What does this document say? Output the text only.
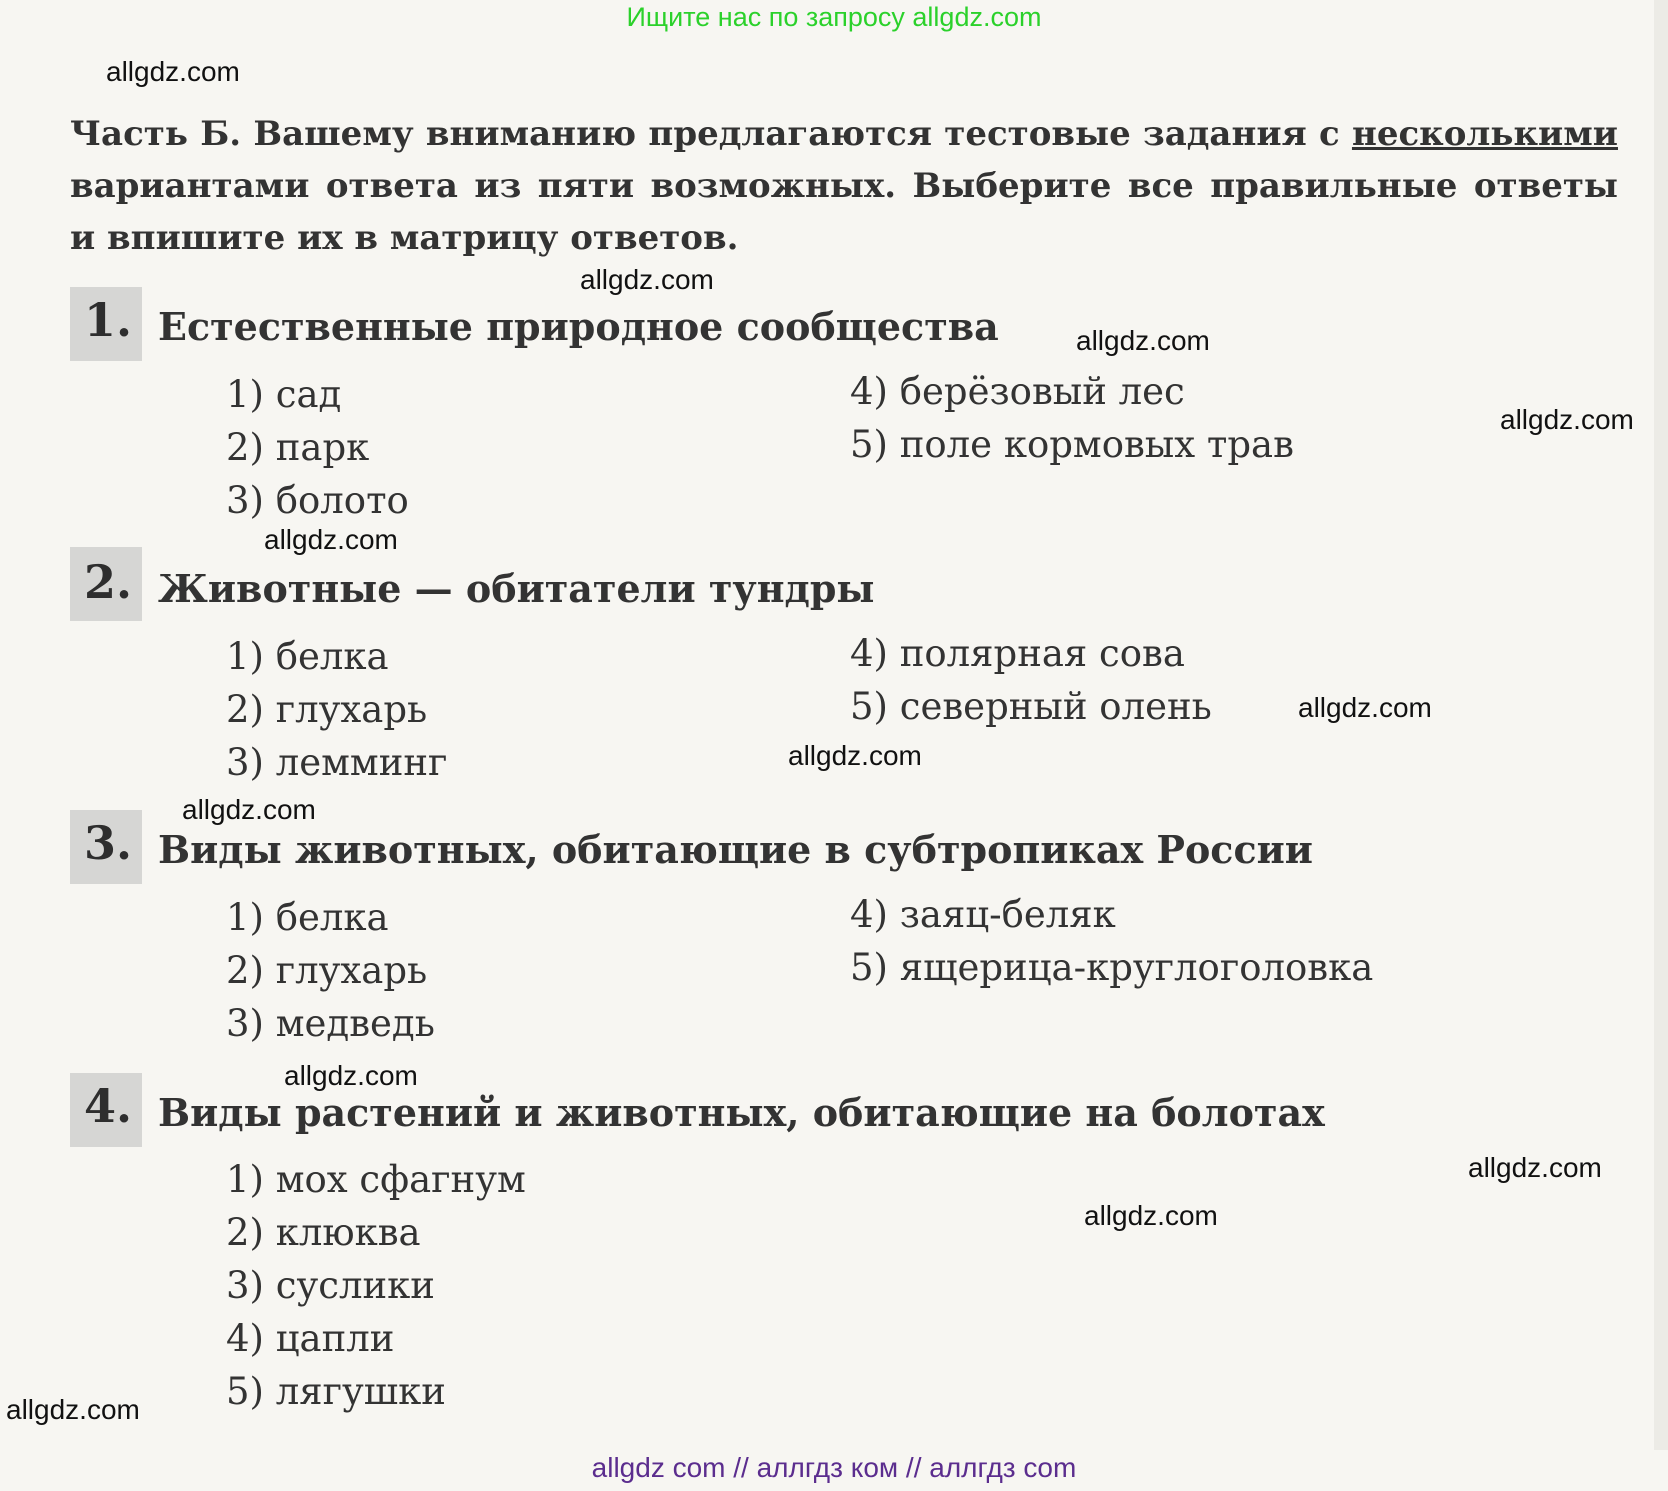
Ищите нас по запросу allgdz.com
allgdz.com
allgdz.com
allgdz.com
allgdz.com
allgdz.com
allgdz.com
allgdz.com
allgdz.com
allgdz.com
allgdz.com
allgdz.com
allgdz.com
Часть Б. Вашему вниманию предлагаются тестовые задания с несколькими вариантами ответа из пяти возможных. Выберите все правильные ответы и впишите их в матрицу ответов.
1. Естественные природное сообщества
1) сад
2) парк
3) болото
4) берёзовый лес
5) поле кормовых трав
2. Животные — обитатели тундры
1) белка
2) глухарь
3) лемминг
4) полярная сова
5) северный олень
3. Виды животных, обитающие в субтропиках России
1) белка
2) глухарь
3) медведь
4) заяц-беляк
5) ящерица-круглоголовка
4. Виды растений и животных, обитающие на болотах
1) мох сфагнум
2) клюква
3) суслики
4) цапли
5) лягушки
allgdz com // аллгдз ком // аллгдз com
